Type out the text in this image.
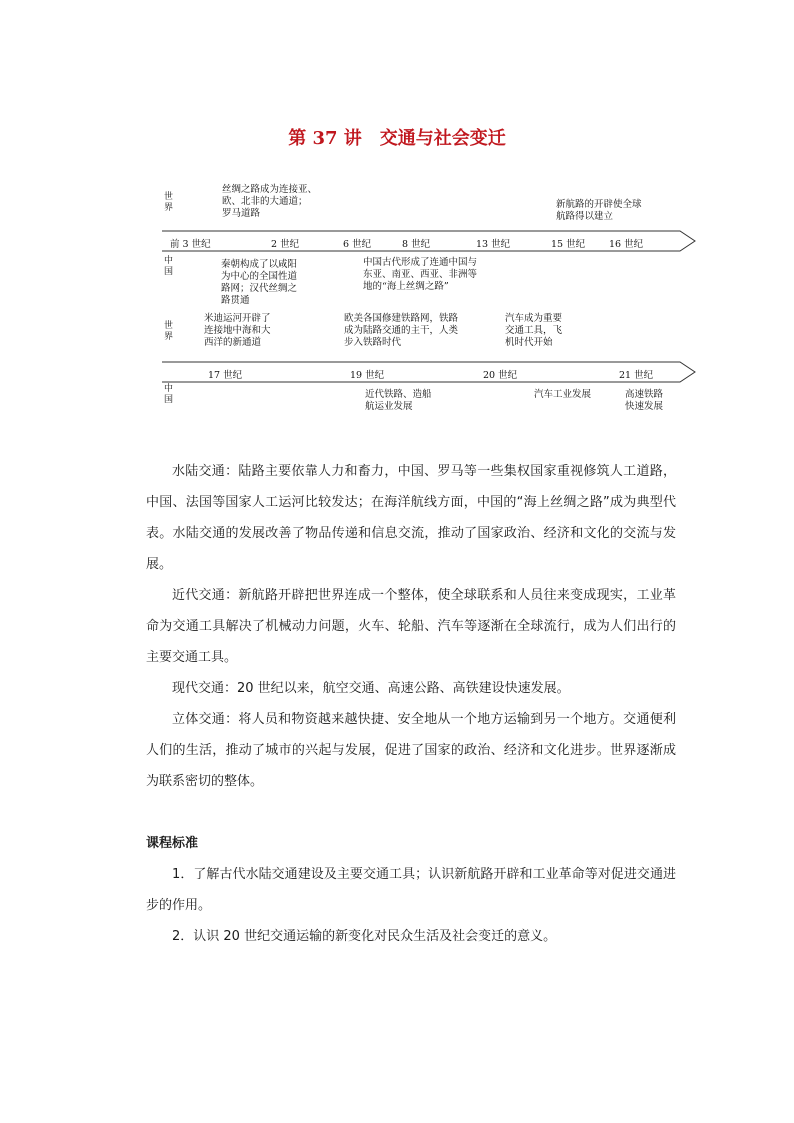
第 37 讲　交通与社会变迁
世
界
中
国
丝绸之路成为连接亚、
欧、北非的大通道；
罗马道路
新航路的开辟使全球
航路得以建立
前 3 世纪	2 世纪	6 世纪	8 世纪	13 世纪	15 世纪	16 世纪
秦朝构成了以咸阳
为中心的全国性道
路网；汉代丝绸之
路贯通
中国古代形成了连通中国与
东亚、南亚、西亚、非洲等
地的“海上丝绸之路”
世
界
中
国
米迪运河开辟了
连接地中海和大
西洋的新通道
欧美各国修建铁路网，铁路
成为陆路交通的主干，人类
步入铁路时代
汽车成为重要
交通工具，飞
机时代开始
17 世纪	19 世纪	20 世纪	21 世纪
近代铁路、造船
航运业发展
汽车工业发展	高速铁路
快速发展

水陆交通：陆路主要依靠人力和畜力，中国、罗马等一些集权国家重视修筑人工道路，中国、法国等国家人工运河比较发达；在海洋航线方面，中国的“海上丝绸之路”成为典型代表。水陆交通的发展改善了物品传递和信息交流，推动了国家政治、经济和文化的交流与发展。

近代交通：新航路开辟把世界连成一个整体，使全球联系和人员往来变成现实，工业革命为交通工具解决了机械动力问题，火车、轮船、汽车等逐渐在全球流行，成为人们出行的主要交通工具。

现代交通：20 世纪以来，航空交通、高速公路、高铁建设快速发展。

立体交通：将人员和物资越来越快捷、安全地从一个地方运输到另一个地方。交通便利人们的生活，推动了城市的兴起与发展，促进了国家的政治、经济和文化进步。世界逐渐成为联系密切的整体。

课程标准

1．了解古代水陆交通建设及主要交通工具；认识新航路开辟和工业革命等对促进交通进步的作用。

2．认识 20 世纪交通运输的新变化对民众生活及社会变迁的意义。
